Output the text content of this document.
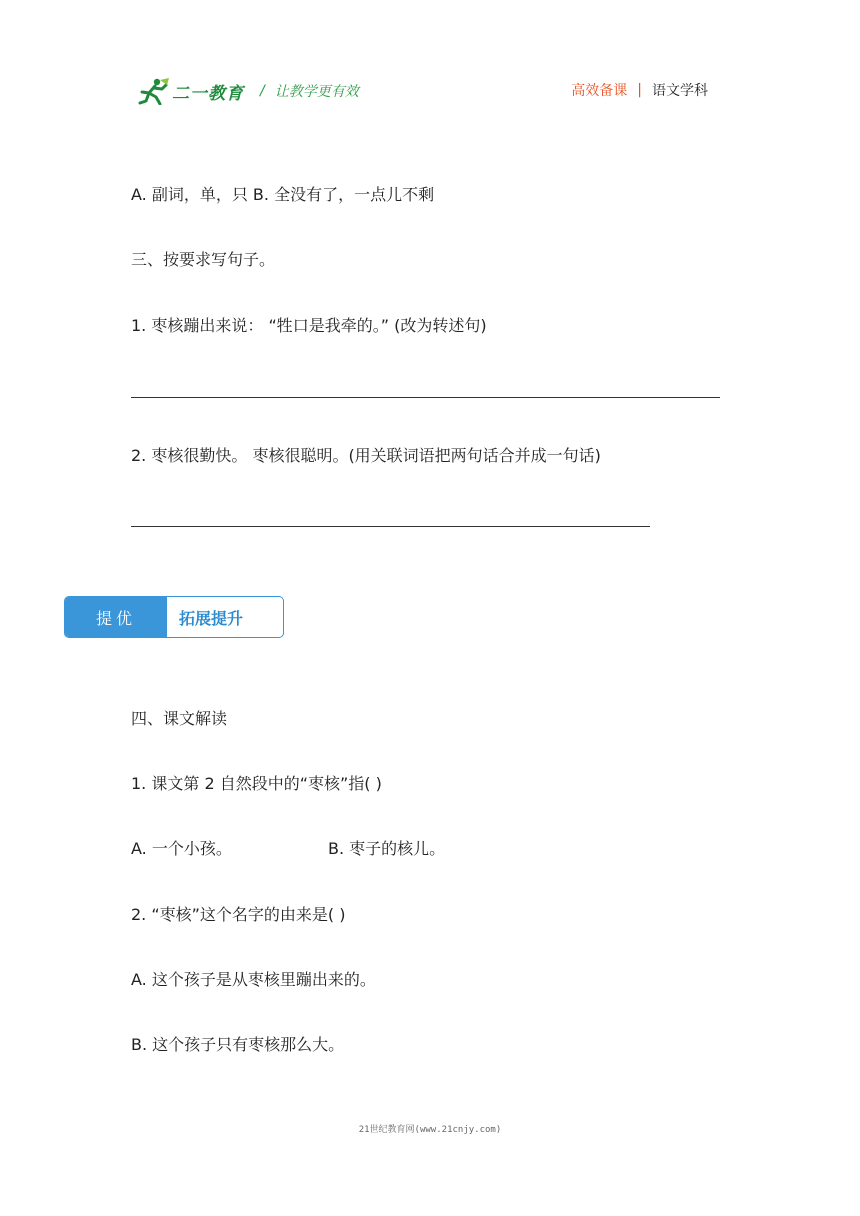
二一教育 / 让教学更有效	高效备课 | 语文学科
A. 副词，单，只 B. 全没有了，一点儿不剩
三、按要求写句子。
1. 枣核蹦出来说： “牲口是我牵的。” (改为转述句)
2. 枣核很勤快。 枣核很聪明。(用关联词语把两句话合并成一句话)
提优	拓展提升
四、课文解读
1. 课文第 2 自然段中的“枣核”指( )
A. 一个小孩。	B. 枣子的核儿。
2. “枣核”这个名字的由来是( )
A. 这个孩子是从枣核里蹦出来的。
B. 这个孩子只有枣核那么大。
21世纪教育网(www.21cnjy.com)
